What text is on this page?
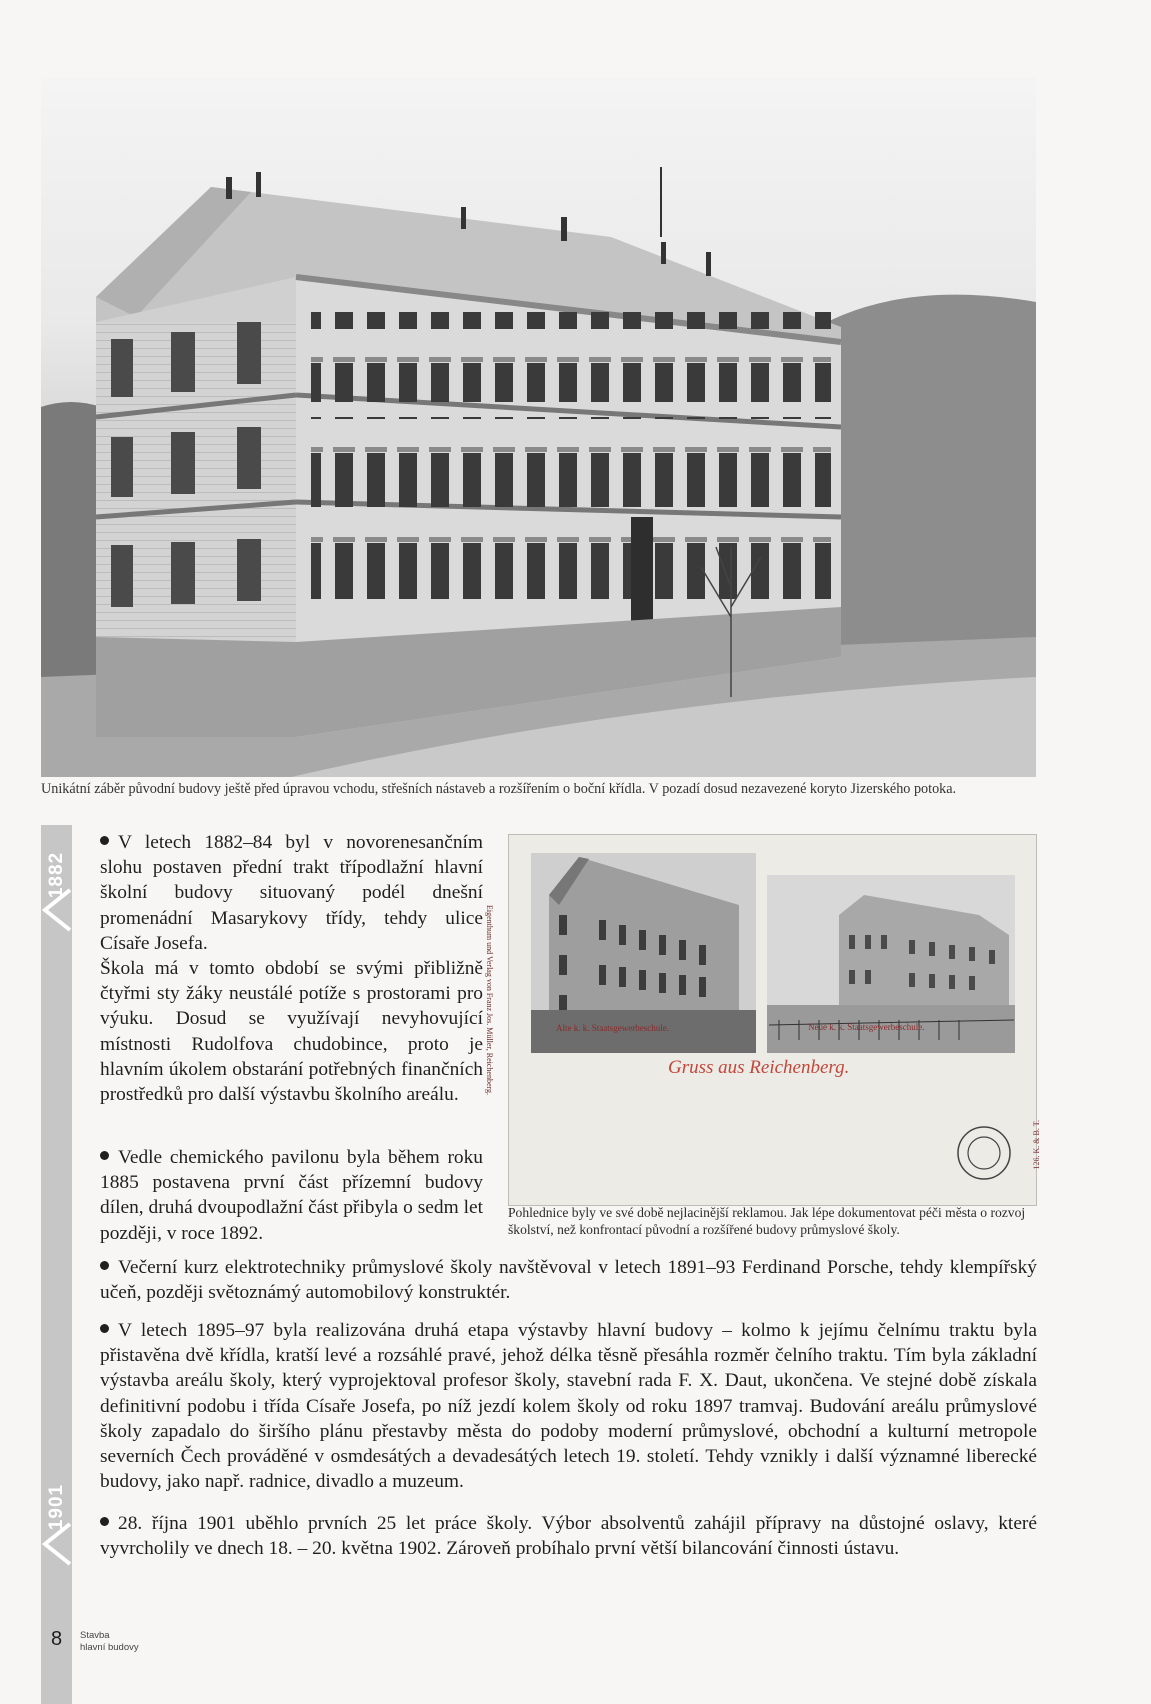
Unikátní záběr původní budovy ještě před úpravou vchodu, střešních nástaveb a rozšířením o boční křídla. V pozadí dosud nezavezené koryto Jizerského potoka.
1882
1901
V letech 1882–84 byl v novorenesančním slohu postaven přední trakt třípodlažní hlavní školní budovy situovaný podél dnešní promenádní Masarykovy třídy, tehdy ulice Císaře Josefa.
Škola má v tomto období se svými přibližně čtyřmi sty žáky neustálé potíže s prostorami pro výuku. Dosud se využívají nevyhovující místnosti Rudolfova chudobince, proto je hlavním úkolem obstarání potřebných finančních prostředků pro další výstavbu školního areálu.
Vedle chemického pavilonu byla během roku 1885 postavena první část přízemní budovy dílen, druhá dvoupodlažní část přibyla o sedm let později, v roce 1892.
Alte k. k. Staatsgewerbeschule.	Neue k. k. Staatsgewerbeschule.
Gruss aus Reichenberg.
Eigenthum und Verlag von Franz Jos. Müller, Reichenberg.
126. K. & B. T.
Pohlednice byly ve své době nejlacinější reklamou. Jak lépe dokumentovat péči města o rozvoj školství, než konfrontací původní a rozšířené budovy průmyslové školy.
Večerní kurz elektrotechniky průmyslové školy navštěvoval v letech 1891–93 Ferdinand Porsche, tehdy klempířský učeň, později světoznámý automobilový konstruktér.
V letech 1895–97 byla realizována druhá etapa výstavby hlavní budovy – kolmo k jejímu čelnímu traktu byla přistavěna dvě křídla, kratší levé a rozsáhlé pravé, jehož délka těsně přesáhla rozměr čelního traktu. Tím byla základní výstavba areálu školy, který vyprojektoval profesor školy, stavební rada F. X. Daut, ukončena. Ve stejné době získala definitivní podobu i třída Císaře Josefa, po níž jezdí kolem školy od roku 1897 tramvaj. Budování areálu průmyslové školy zapadalo do širšího plánu přestavby města do podoby moderní průmyslové, obchodní a kulturní metropole severních Čech prováděné v osmdesátých a devadesátých letech 19. století. Tehdy vznikly i další významné liberecké budovy, jako např. radnice, divadlo a muzeum.
28. října 1901 uběhlo prvních 25 let práce školy. Výbor absolventů zahájil přípravy na důstojné oslavy, které vyvrcholily ve dnech 18. – 20. května 1902. Zároveň probíhalo první větší bilancování činnosti ústavu.
8 Stavba
hlavní budovy
